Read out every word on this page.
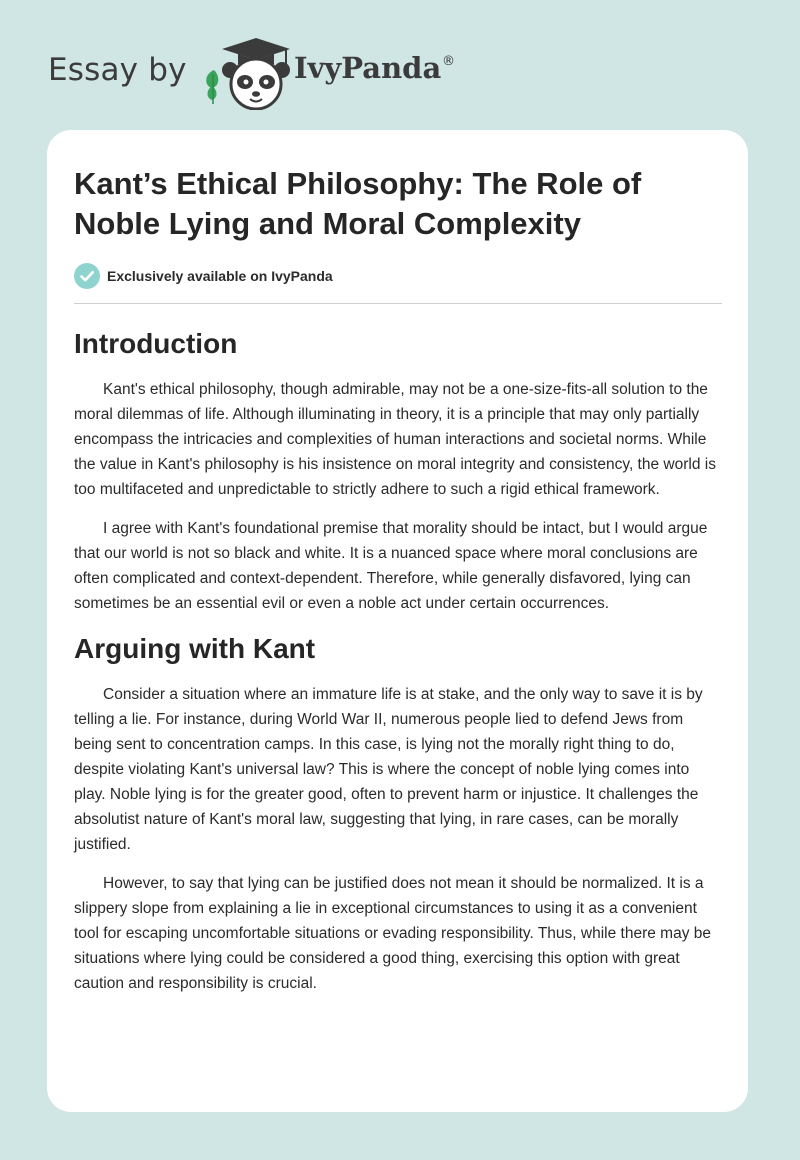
Essay by	IvyPanda ®
Kant’s Ethical Philosophy: The Role of Noble Lying and Moral Complexity
Exclusively available on IvyPanda
Introduction

Kant's ethical philosophy, though admirable, may not be a one-size-fits-all solution to the moral dilemmas of life. Although illuminating in theory, it is a principle that may only partially encompass the intricacies and complexities of human interactions and societal norms. While the value in Kant's philosophy is his insistence on moral integrity and consistency, the world is too multifaceted and unpredictable to strictly adhere to such a rigid ethical framework.

I agree with Kant's foundational premise that morality should be intact, but I would argue that our world is not so black and white. It is a nuanced space where moral conclusions are often complicated and context-dependent. Therefore, while generally disfavored, lying can sometimes be an essential evil or even a noble act under certain occurrences.

Arguing with Kant

Consider a situation where an immature life is at stake, and the only way to save it is by telling a lie. For instance, during World War II, numerous people lied to defend Jews from being sent to concentration camps. In this case, is lying not the morally right thing to do, despite violating Kant's universal law? This is where the concept of noble lying comes into play. Noble lying is for the greater good, often to prevent harm or injustice. It challenges the absolutist nature of Kant's moral law, suggesting that lying, in rare cases, can be morally justified.

However, to say that lying can be justified does not mean it should be normalized. It is a slippery slope from explaining a lie in exceptional circumstances to using it as a convenient tool for escaping uncomfortable situations or evading responsibility. Thus, while there may be situations where lying could be considered a good thing, exercising this option with great caution and responsibility is crucial.
